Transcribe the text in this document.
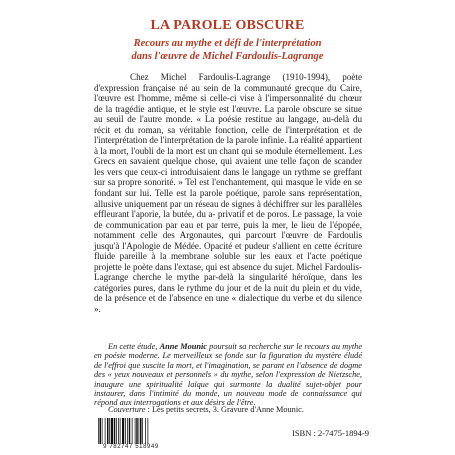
LA PAROLE OBSCURE
Recours au mythe et défi de l'interprétation
dans l'œuvre de Michel Fardoulis-Lagrange

Chez Michel Fardoulis-Lagrange (1910-1994), poète d'expression française né au sein de la communauté grecque du Caire, l'œuvre est l'homme, même si celle-ci vise à l'impersonnalité du chœur de la tragédie antique, et le style est l'œuvre. La parole obscure se situe au seuil de l'autre monde. « La poésie restitue au langage, au-delà du récit et du roman, sa véritable fonction, celle de l'interprétation et de l'interprétation de l'interprétation de la parole infinie. La réalité appartient à la mort, l'oubli de la mort est un chant qui se module éternellement. Les Grecs en savaient quelque chose, qui avaient une telle façon de scander les vers que ceux-ci introduisaient dans le langage un rythme se greffant sur sa propre sonorité. » Tel est l'enchantement, qui masque le vide en se fondant sur lui. Telle est la parole poétique, parole sans représentation, allusive uniquement par un réseau de signes à déchiffrer sur les parallèles effleurant l'aporie, la butée, du a- privatif et de poros. Le passage, la voie de communication par eau et par terre, puis la mer, le lieu de l'épopée, notamment celle des Argonautes, qui parcourt l'œuvre de Fardoulis jusqu'à l'Apologie de Médée. Opacité et pudeur s'allient en cette écriture fluide pareille à la membrane soluble sur les eaux et l'acte poétique projette le poète dans l'extase, qui est absence du sujet. Michel Fardoulis-Lagrange cherche le mythe par-delà la singularité héroïque, dans les catégories pures, dans le rythme du jour et de la nuit du plein et du vide, de la présence et de l'absence en une « dialectique du verbe et du silence ».

En cette étude, Anne Mounic poursuit sa recherche sur le recours au mythe en poésie moderne. Le merveilleux se fonde sur la figuration du mystère éludé de l'effroi que suscite la mort, et l'imagination, se parant en l'absence de dogme des « yeux nouveaux et personnels » du mythe, selon l'expression de Nietzsche, inaugure une spiritualité laïque qui surmonte la dualité sujet-objet pour instaurer, dans l'intimité du monde, un nouveau mode de connaissance qui répond aux interrogations et aux désirs de l'être.

Couverture : Les petits secrets, 3. Gravure d'Anne Mounic.
9 782747 518949
ISBN : 2-7475-1894-9
